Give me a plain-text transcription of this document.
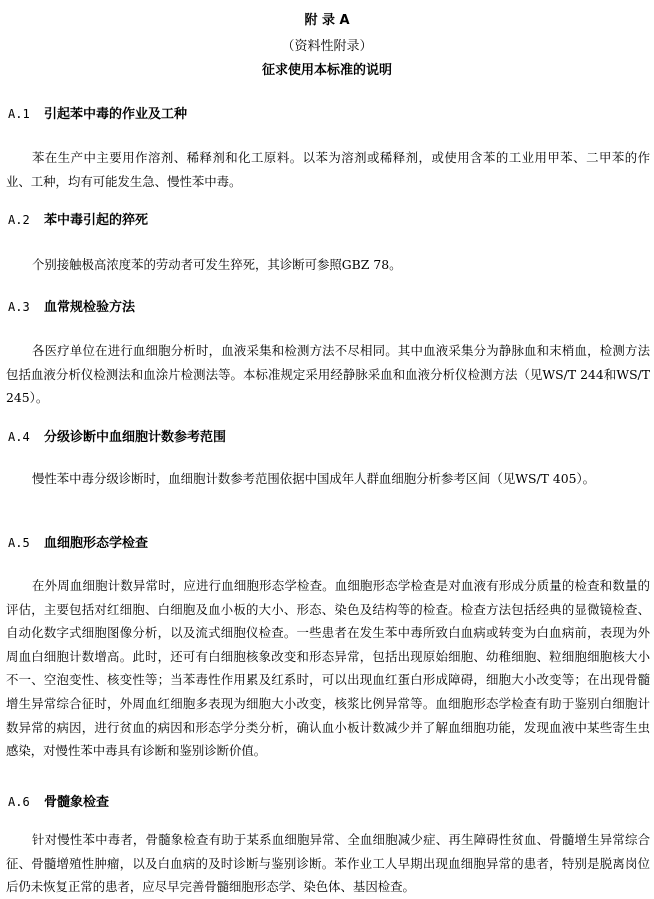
附 录 A
（资料性附录）
征求使用本标准的说明
A.1 引起苯中毒的作业及工种
苯在生产中主要用作溶剂、稀释剂和化工原料。以苯为溶剂或稀释剂，或使用含苯的工业用甲苯、二甲苯的作业、工种，均有可能发生急、慢性苯中毒。
A.2 苯中毒引起的猝死
个别接触极高浓度苯的劳动者可发生猝死，其诊断可参照GBZ 78。
A.3 血常规检验方法
各医疗单位在进行血细胞分析时，血液采集和检测方法不尽相同。其中血液采集分为静脉血和末梢血，检测方法包括血液分析仪检测法和血涂片检测法等。本标准规定采用经静脉采血和血液分析仪检测方法（见WS/T 244和WS/T 245）。
A.4 分级诊断中血细胞计数参考范围
慢性苯中毒分级诊断时，血细胞计数参考范围依据中国成年人群血细胞分析参考区间（见WS/T 405）。
A.5 血细胞形态学检查
在外周血细胞计数异常时，应进行血细胞形态学检查。血细胞形态学检查是对血液有形成分质量的检查和数量的评估，主要包括对红细胞、白细胞及血小板的大小、形态、染色及结构等的检查。检查方法包括经典的显微镜检查、自动化数字式细胞图像分析，以及流式细胞仪检查。一些患者在发生苯中毒所致白血病或转变为白血病前，表现为外周血白细胞计数增高。此时，还可有白细胞核象改变和形态异常，包括出现原始细胞、幼稚细胞、粒细胞细胞核大小不一、空泡变性、核变性等；当苯毒性作用累及红系时，可以出现血红蛋白形成障碍，细胞大小改变等；在出现骨髓增生异常综合征时，外周血红细胞多表现为细胞大小改变，核浆比例异常等。血细胞形态学检查有助于鉴别白细胞计数异常的病因，进行贫血的病因和形态学分类分析，确认血小板计数减少并了解血细胞功能，发现血液中某些寄生虫感染，对慢性苯中毒具有诊断和鉴别诊断价值。
A.6 骨髓象检查
针对慢性苯中毒者，骨髓象检查有助于某系血细胞异常、全血细胞减少症、再生障碍性贫血、骨髓增生异常综合征、骨髓增殖性肿瘤，以及白血病的及时诊断与鉴别诊断。苯作业工人早期出现血细胞异常的患者，特别是脱离岗位后仍未恢复正常的患者，应尽早完善骨髓细胞形态学、染色体、基因检查。
